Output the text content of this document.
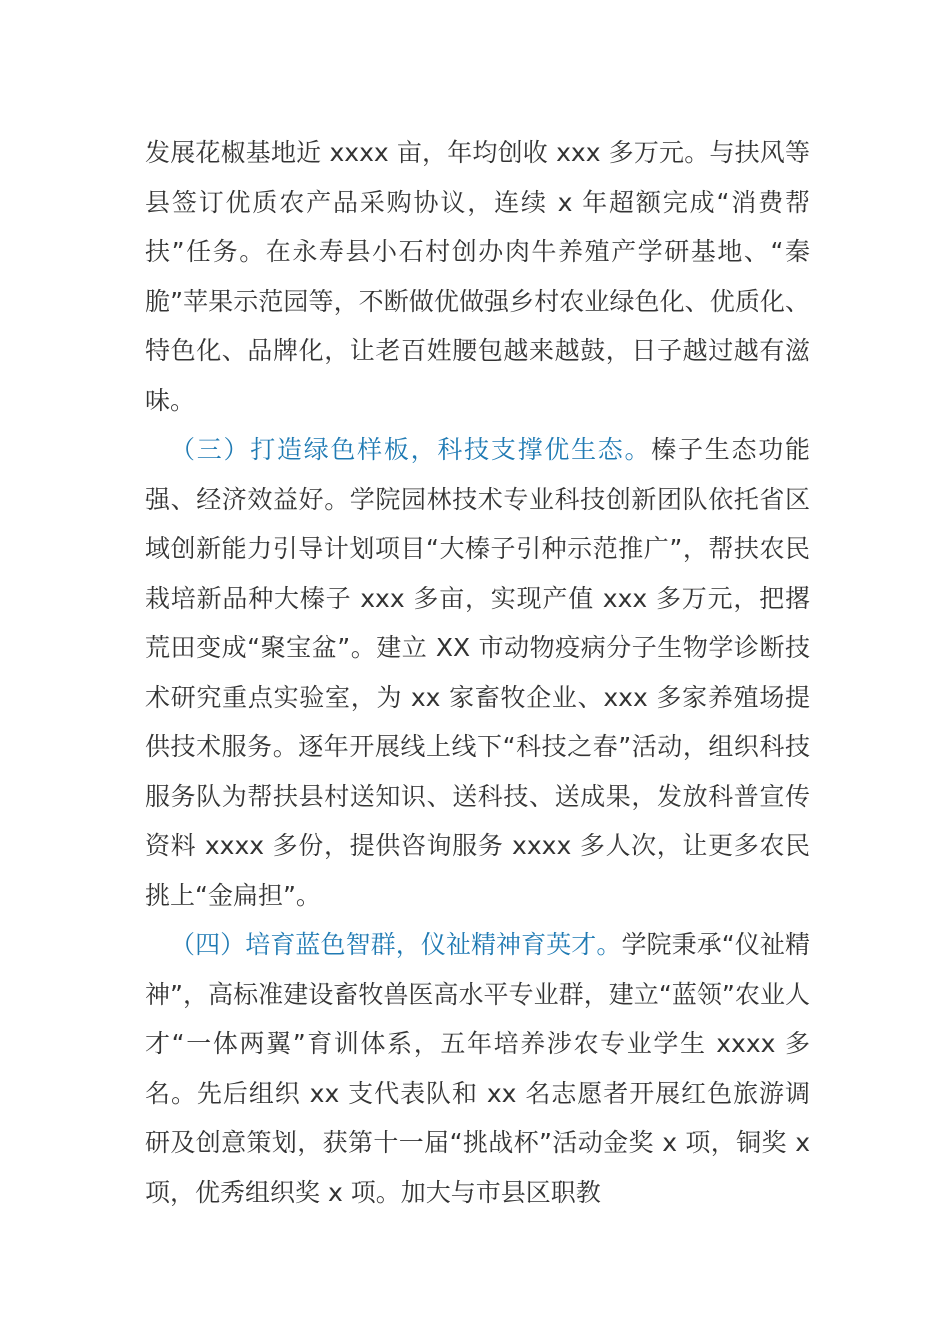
发展花椒基地近 xxxx 亩，年均创收 xxx 多万元。与扶风等县签订优质农产品采购协议，连续 x 年超额完成“消费帮扶”任务。在永寿县小石村创办肉牛养殖产学研基地、“秦脆”苹果示范园等，不断做优做强乡村农业绿色化、优质化、特色化、品牌化，让老百姓腰包越来越鼓，日子越过越有滋味。

（三）打造绿色样板，科技支撑优生态。榛子生态功能强、经济效益好。学院园林技术专业科技创新团队依托省区域创新能力引导计划项目“大榛子引种示范推广”，帮扶农民栽培新品种大榛子 xxx 多亩，实现产值 xxx 多万元，把撂荒田变成“聚宝盆”。建立 XX 市动物疫病分子生物学诊断技术研究重点实验室，为 xx 家畜牧企业、xxx 多家养殖场提供技术服务。逐年开展线上线下“科技之春”活动，组织科技服务队为帮扶县村送知识、送科技、送成果，发放科普宣传资料 xxxx 多份，提供咨询服务 xxxx 多人次，让更多农民挑上“金扁担”。

（四）培育蓝色智群，仪祉精神育英才。学院秉承“仪祉精神”，高标准建设畜牧兽医高水平专业群，建立“蓝领”农业人才“一体两翼”育训体系，五年培养涉农专业学生 xxxx 多名。先后组织 xx 支代表队和 xx 名志愿者开展红色旅游调研及创意策划，获第十一届“挑战杯”活动金奖 x 项，铜奖 x 项，优秀组织奖 x 项。加大与市县区职教
